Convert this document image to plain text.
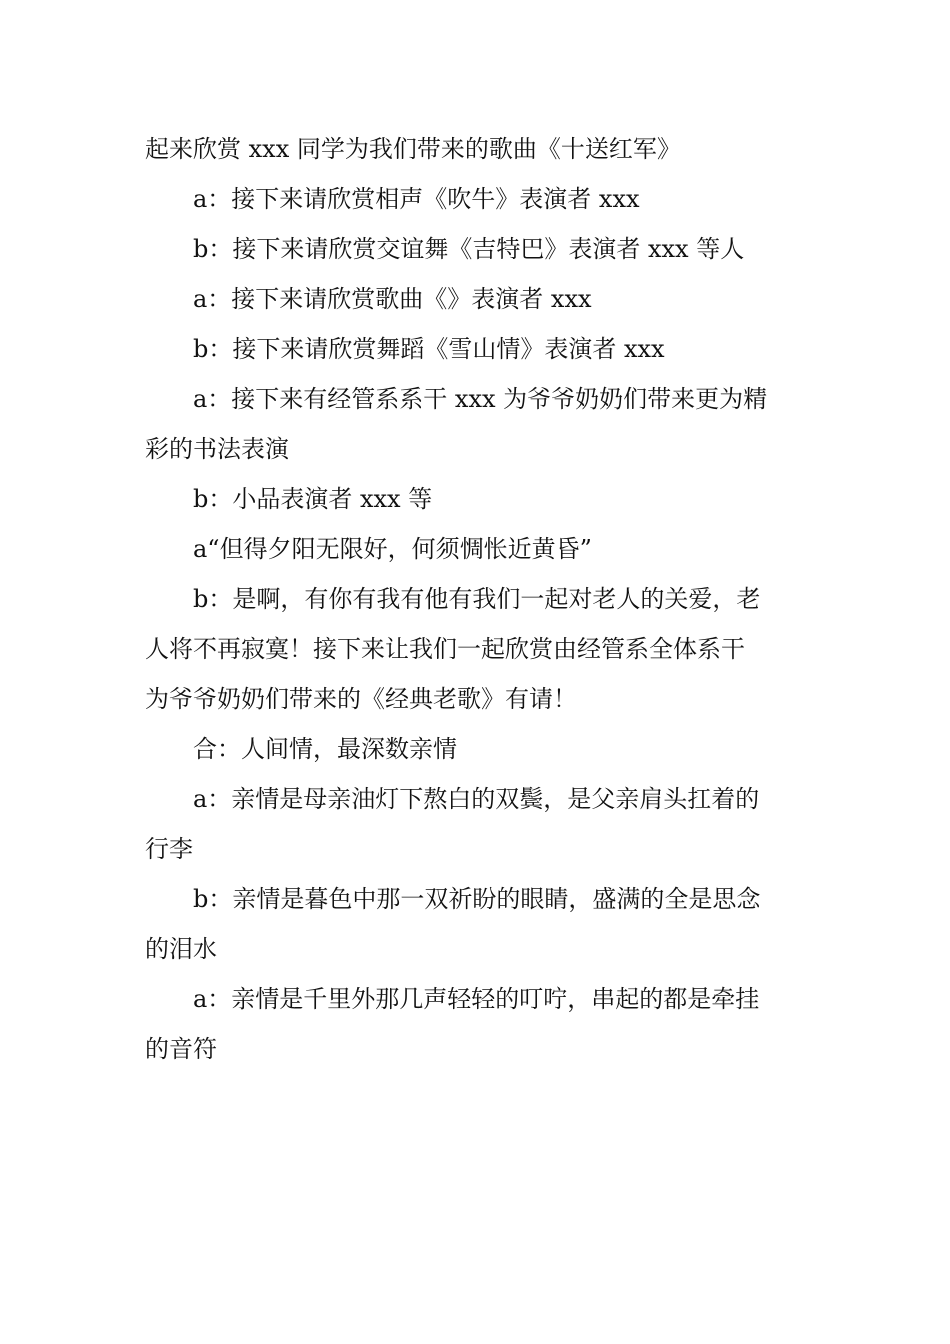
起来欣赏 xxx 同学为我们带来的歌曲《十送红军》
a：接下来请欣赏相声《吹牛》表演者 xxx
b：接下来请欣赏交谊舞《吉特巴》表演者 xxx 等人
a：接下来请欣赏歌曲《》表演者 xxx
b：接下来请欣赏舞蹈《雪山情》表演者 xxx
a：接下来有经管系系干 xxx 为爷爷奶奶们带来更为精
彩的书法表演
b：小品表演者 xxx 等
a“但得夕阳无限好，何须惆怅近黄昏”
b：是啊，有你有我有他有我们一起对老人的关爱，老
人将不再寂寞！接下来让我们一起欣赏由经管系全体系干
为爷爷奶奶们带来的《经典老歌》有请！
合：人间情，最深数亲情
a：亲情是母亲油灯下熬白的双鬓，是父亲肩头扛着的
行李
b：亲情是暮色中那一双祈盼的眼睛，盛满的全是思念
的泪水
a：亲情是千里外那几声轻轻的叮咛，串起的都是牵挂
的音符
